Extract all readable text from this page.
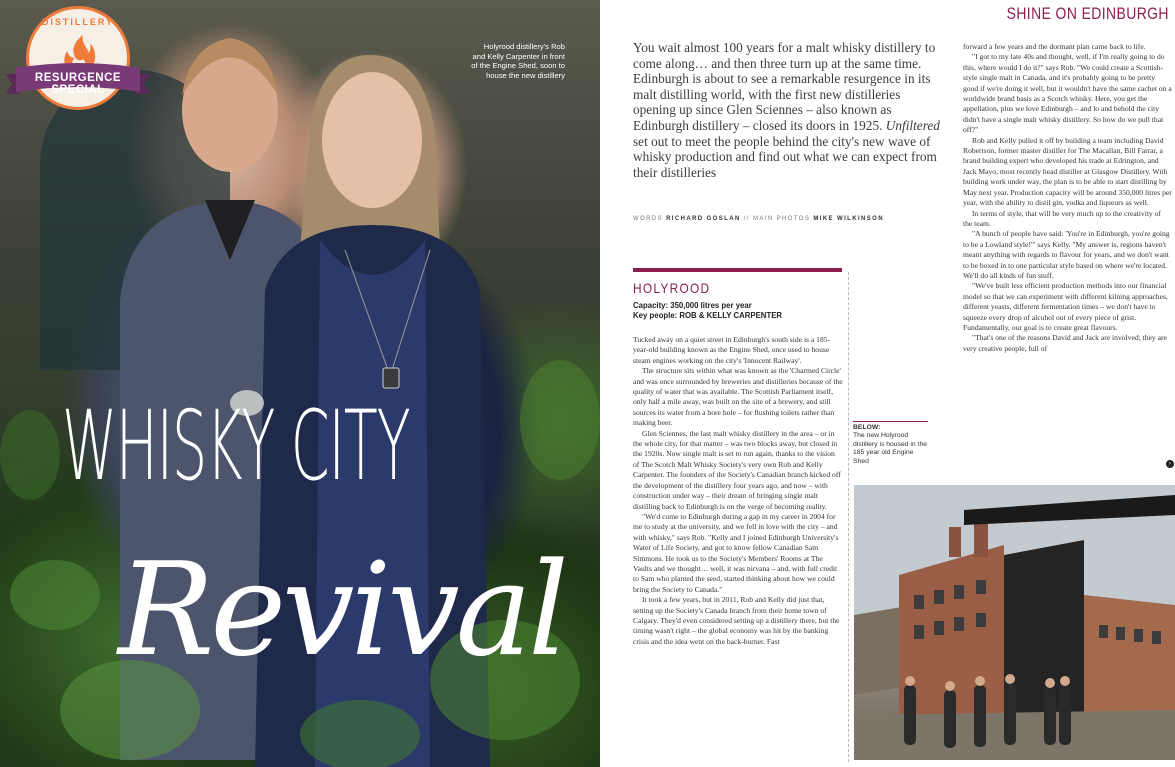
DISTILLERY
RESURGENCE SPECIAL
Holyrood distillery's Rob and Kelly Carpenter in front of the Engine Shed, soon to house the new distillery
WHISKY CITY
Revival
SHINE ON EDINBURGH
You wait almost 100 years for a malt whisky distillery to come along… and then three turn up at the same time. Edinburgh is about to see a remarkable resurgence in its malt distilling world, with the first new distilleries opening up since Glen Sciennes – also known as Edinburgh distillery – closed its doors in 1925. Unfiltered set out to meet the people behind the city's new wave of whisky production and find out what we can expect from their distilleries
WORDS RICHARD GOSLAN // MAIN PHOTOS MIKE WILKINSON
HOLYROOD
Capacity: 350,000 litres per year
Key people: ROB & KELLY CARPENTER

Tucked away on a quiet street in Edinburgh's south side is a 185-year-old building known as the Engine Shed, once used to house steam engines working on the city's 'Innocent Railway'.

The structure sits within what was known as the 'Charmed Circle' and was once surrounded by breweries and distilleries because of the quality of water that was available. The Scottish Parliament itself, only half a mile away, was built on the site of a brewery, and still sources its water from a bore hole – for flushing toilets rather than making beer.

Glen Sciennes, the last malt whisky distillery in the area – or in the whole city, for that matter – was two blocks away, but closed in the 1920s. Now single malt is set to run again, thanks to the vision of The Scotch Malt Whisky Society's very own Rob and Kelly Carpenter. The founders of the Society's Canadian branch kicked off the development of the distillery four years ago, and now – with construction under way – their dream of bringing single malt distilling back to Edinburgh is on the verge of becoming reality.

"We'd come to Edinburgh during a gap in my career in 2004 for me to study at the university, and we fell in love with the city – and with whisky," says Rob. "Kelly and I joined Edinburgh University's Water of Life Society, and got to know fellow Canadian Sam Simmons. He took us to the Society's Members' Rooms at The Vaults and we thought… well, it was nirvana – and, with full credit to Sam who planted the seed, started thinking about how we could bring the Society to Canada."

It took a few years, but in 2011, Rob and Kelly did just that, setting up the Society's Canada branch from their home town of Calgary. They'd even considered setting up a distillery there, but the timing wasn't right – the global economy was hit by the banking crisis and the idea went on the back-burner. Fast

forward a few years and the dormant plan came back to life.

"I got to my late 40s and thought, well, if I'm really going to do this, where would I do it?" says Rob. "We could create a Scottish-style single malt in Canada, and it's probably going to be pretty good if we're doing it well, but it wouldn't have the same cachet on a worldwide brand basis as a Scotch whisky. Here, you get the appellation, plus we love Edinburgh – and lo and behold the city didn't have a single malt whisky distillery. So how do we pull that off?"

Rob and Kelly pulled it off by building a team including David Robertson, former master distiller for The Macallan, Bill Farrar, a brand building expert who developed his trade at Edrington, and Jack Mayo, most recently head distiller at Glasgow Distillery. With building work under way, the plan is to be able to start distilling by May next year. Production capacity will be around 350,000 litres per year, with the ability to distil gin, vodka and liqueurs as well.

In terms of style, that will be very much up to the creativity of the team.

"A bunch of people have said: 'You're in Edinburgh, you're going to be a Lowland style!'" says Kelly. "My answer is, regions haven't meant anything with regards to flavour for years, and we don't want to be boxed in to one particular style based on where we're located. We'll do all kinds of fun stuff.

"We've built less efficient production methods into our financial model so that we can experiment with different kilning approaches, different yeasts, different fermentation times – we don't have to squeeze every drop of alcohol out of every piece of grist. Fundamentally, our goal is to create great flavours.

"That's one of the reasons David and Jack are involved; they are very creative people, full of

›
BELOW:
The new Holyrood distillery is housed in the 185 year old Engine Shed
